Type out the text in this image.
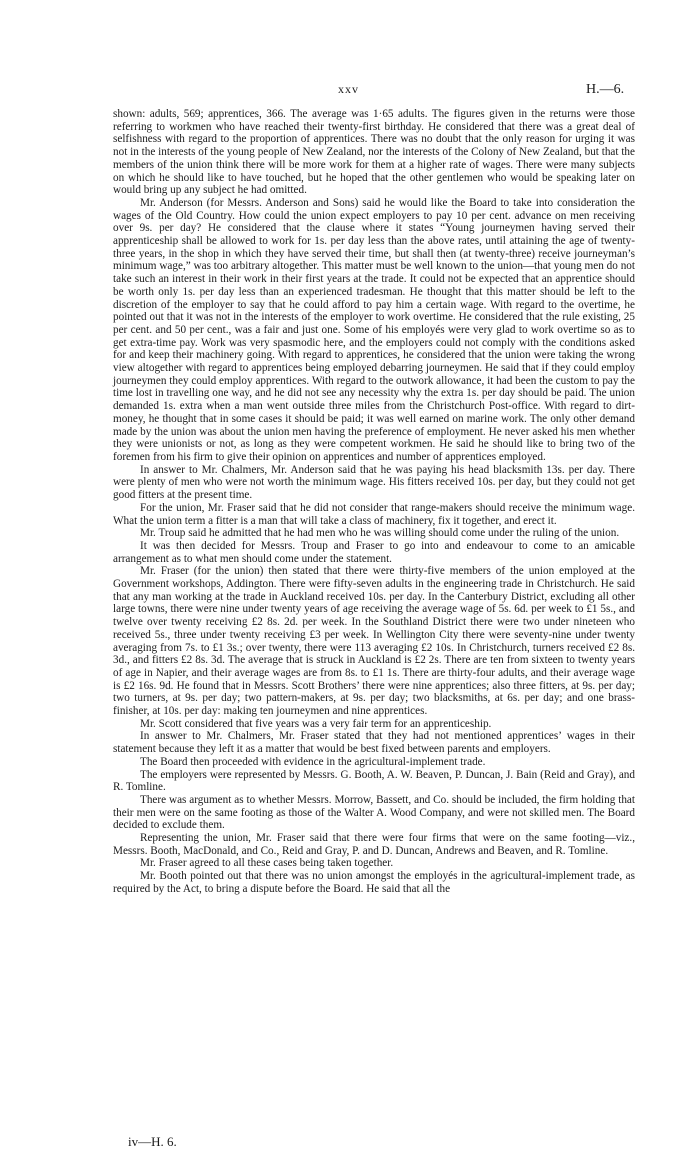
xxv	H.—6.

shown: adults, 569; apprentices, 366. The average was 1·65 adults. The figures given in the returns were those referring to workmen who have reached their twenty-first birthday. He considered that there was a great deal of selfishness with regard to the proportion of apprentices. There was no doubt that the only reason for urging it was not in the interests of the young people of New Zealand, nor the interests of the Colony of New Zealand, but that the members of the union think there will be more work for them at a higher rate of wages. There were many subjects on which he should like to have touched, but he hoped that the other gentlemen who would be speaking later on would bring up any subject he had omitted.

Mr. Anderson (for Messrs. Anderson and Sons) said he would like the Board to take into consideration the wages of the Old Country. How could the union expect employers to pay 10 per cent. advance on men receiving over 9s. per day? He considered that the clause where it states “Young journeymen having served their apprenticeship shall be allowed to work for 1s. per day less than the above rates, until attaining the age of twenty-three years, in the shop in which they have served their time, but shall then (at twenty-three) receive journeyman’s minimum wage,” was too arbitrary altogether. This matter must be well known to the union—that young men do not take such an interest in their work in their first years at the trade. It could not be expected that an apprentice should be worth only 1s. per day less than an experienced tradesman. He thought that this matter should be left to the discretion of the employer to say that he could afford to pay him a certain wage. With regard to the overtime, he pointed out that it was not in the interests of the employer to work overtime. He considered that the rule existing, 25 per cent. and 50 per cent., was a fair and just one. Some of his employés were very glad to work overtime so as to get extra-time pay. Work was very spasmodic here, and the employers could not comply with the conditions asked for and keep their machinery going. With regard to apprentices, he considered that the union were taking the wrong view altogether with regard to apprentices being employed debarring journeymen. He said that if they could employ journeymen they could employ apprentices. With regard to the outwork allowance, it had been the custom to pay the time lost in travelling one way, and he did not see any necessity why the extra 1s. per day should be paid. The union demanded 1s. extra when a man went outside three miles from the Christchurch Post-office. With regard to dirt-money, he thought that in some cases it should be paid; it was well earned on marine work. The only other demand made by the union was about the union men having the preference of employment. He never asked his men whether they were unionists or not, as long as they were competent workmen. He said he should like to bring two of the foremen from his firm to give their opinion on apprentices and number of apprentices employed.

In answer to Mr. Chalmers, Mr. Anderson said that he was paying his head blacksmith 13s. per day. There were plenty of men who were not worth the minimum wage. His fitters received 10s. per day, but they could not get good fitters at the present time.

For the union, Mr. Fraser said that he did not consider that range-makers should receive the minimum wage. What the union term a fitter is a man that will take a class of machinery, fix it together, and erect it.

Mr. Troup said he admitted that he had men who he was willing should come under the ruling of the union.

It was then decided for Messrs. Troup and Fraser to go into and endeavour to come to an amicable arrangement as to what men should come under the statement.

Mr. Fraser (for the union) then stated that there were thirty-five members of the union employed at the Government workshops, Addington. There were fifty-seven adults in the engineering trade in Christchurch. He said that any man working at the trade in Auckland received 10s. per day. In the Canterbury District, excluding all other large towns, there were nine under twenty years of age receiving the average wage of 5s. 6d. per week to £1 5s., and twelve over twenty receiving £2 8s. 2d. per week. In the Southland District there were two under nineteen who received 5s., three under twenty receiving £3 per week. In Wellington City there were seventy-nine under twenty averaging from 7s. to £1 3s.; over twenty, there were 113 averaging £2 10s. In Christchurch, turners received £2 8s. 3d., and fitters £2 8s. 3d. The average that is struck in Auckland is £2 2s. There are ten from sixteen to twenty years of age in Napier, and their average wages are from 8s. to £1 1s. There are thirty-four adults, and their average wage is £2 16s. 9d. He found that in Messrs. Scott Brothers’ there were nine apprentices; also three fitters, at 9s. per day; two turners, at 9s. per day; two pattern-makers, at 9s. per day; two blacksmiths, at 6s. per day; and one brass-finisher, at 10s. per day: making ten journeymen and nine apprentices.

Mr. Scott considered that five years was a very fair term for an apprenticeship.

In answer to Mr. Chalmers, Mr. Fraser stated that they had not mentioned apprentices’ wages in their statement because they left it as a matter that would be best fixed between parents and employers.

The Board then proceeded with evidence in the agricultural-implement trade.

The employers were represented by Messrs. G. Booth, A. W. Beaven, P. Duncan, J. Bain (Reid and Gray), and R. Tomline.

There was argument as to whether Messrs. Morrow, Bassett, and Co. should be included, the firm holding that their men were on the same footing as those of the Walter A. Wood Company, and were not skilled men. The Board decided to exclude them.

Representing the union, Mr. Fraser said that there were four firms that were on the same footing—viz., Messrs. Booth, MacDonald, and Co., Reid and Gray, P. and D. Duncan, Andrews and Beaven, and R. Tomline.

Mr. Fraser agreed to all these cases being taken together.

Mr. Booth pointed out that there was no union amongst the employés in the agricultural-implement trade, as required by the Act, to bring a dispute before the Board. He said that all the

iv—H. 6.
